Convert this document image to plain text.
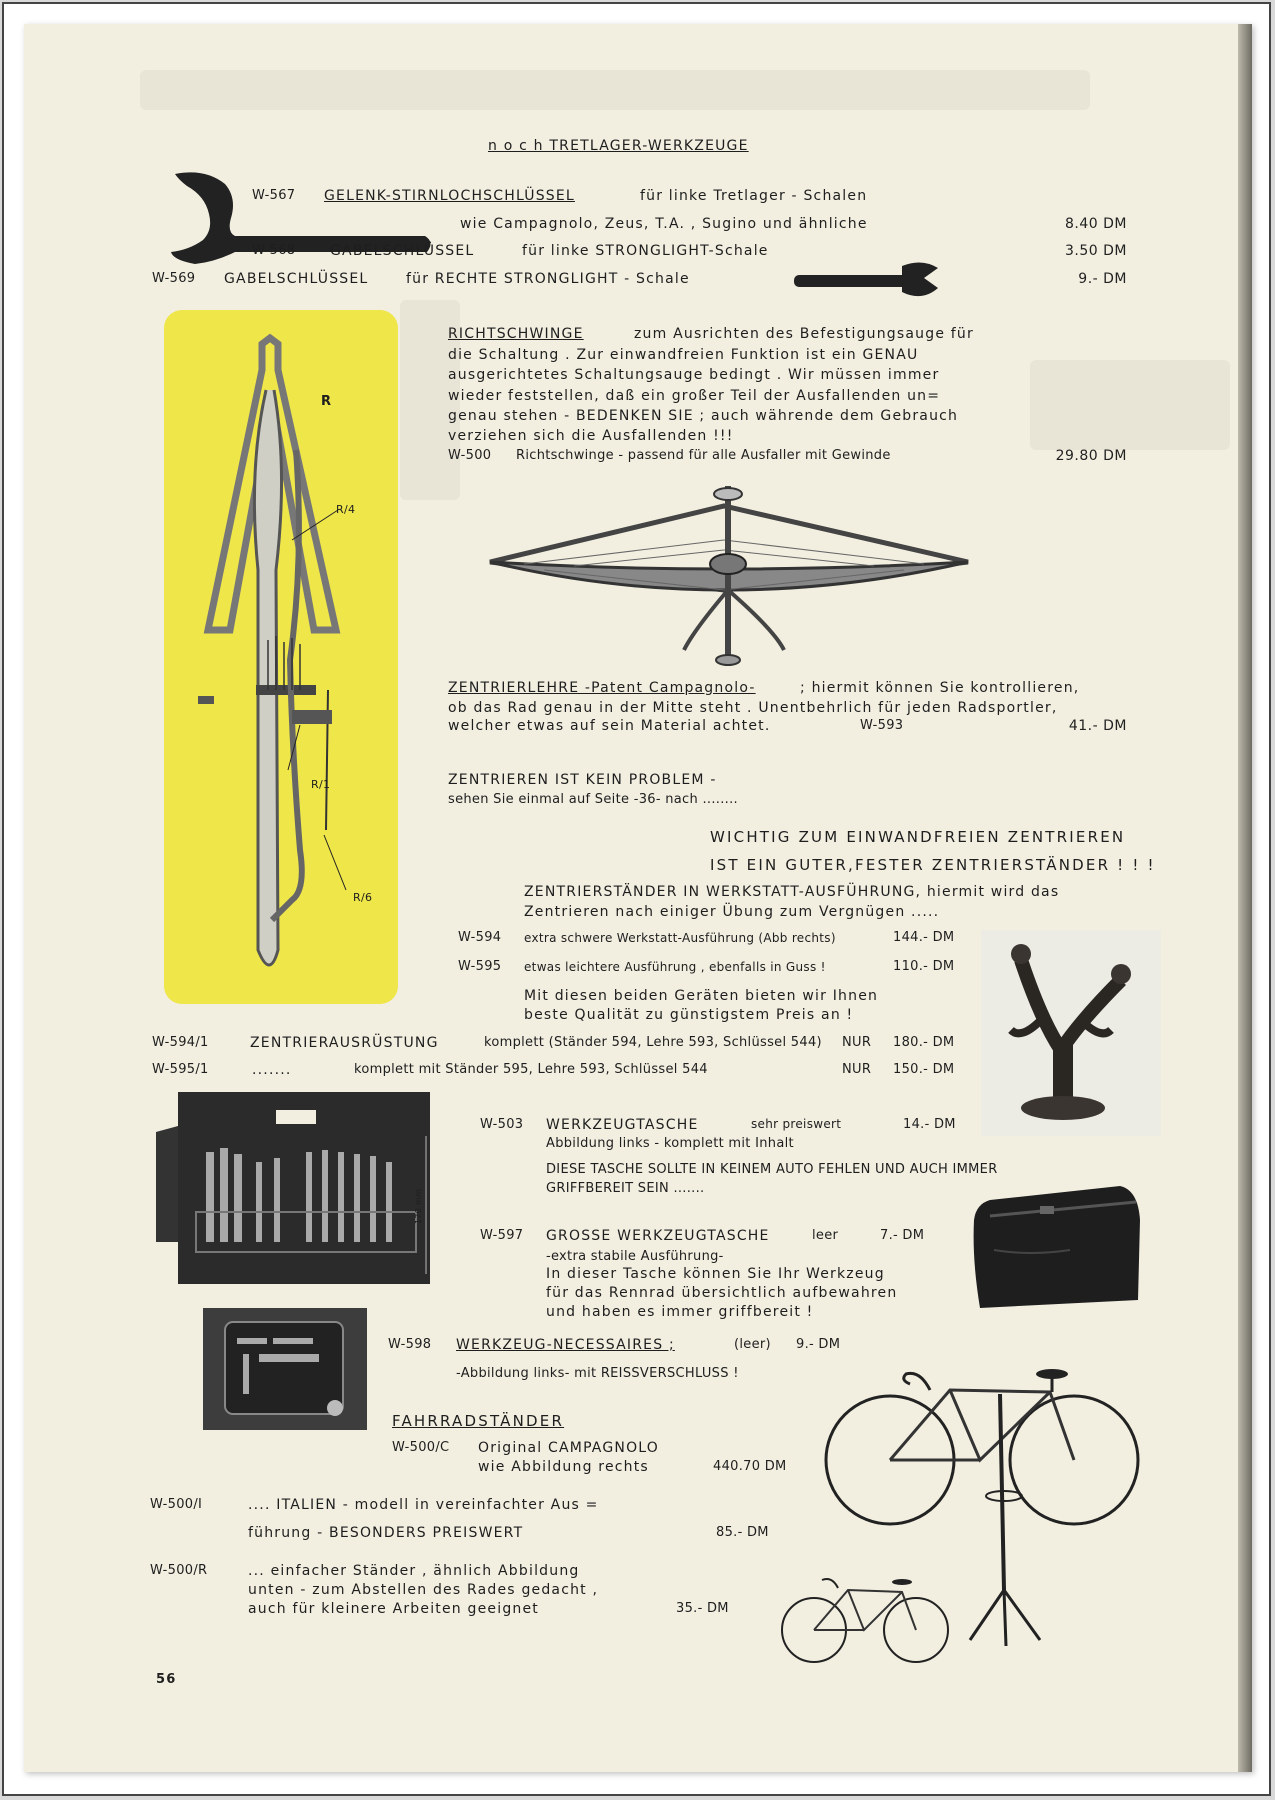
n o c h TRETLAGER-WERKZEUGE
W-567 GELENK-STIRNLOCHSCHLÜSSEL	für linke Tretlager - Schalen
wie Campagnolo, Zeus, T.A. , Sugino und ähnliche	8.40 DM
W-568 GABELSCHLÜSSEL	für linke STRONGLIGHT-Schale	3.50 DM
W-569 GABELSCHLÜSSEL	für RECHTE STRONGLIGHT - Schale	9.- DM
R
R/4
R/1
R/6
RICHTSCHWINGE	zum Ausrichten des Befestigungsauge für
die Schaltung . Zur einwandfreien Funktion ist ein GENAU
ausgerichtetes Schaltungsauge bedingt . Wir müssen immer
wieder feststellen, daß ein großer Teil der Ausfallenden un=
genau stehen - BEDENKEN SIE ; auch währende dem Gebrauch
verziehen sich die Ausfallenden !!!
W-500 Richtschwinge - passend für alle Ausfaller mit Gewinde	29.80 DM
ZENTRIERLEHRE -Patent Campagnolo-	; hiermit können Sie kontrollieren,
ob das Rad genau in der Mitte steht . Unentbehrlich für jeden Radsportler,
welcher etwas auf sein Material achtet.	W-593	41.- DM
ZENTRIEREN IST KEIN PROBLEM -
sehen Sie einmal auf Seite -36- nach ........
WICHTIG ZUM EINWANDFREIEN ZENTRIEREN
IST EIN GUTER,FESTER ZENTRIERSTÄNDER ! ! !
ZENTRIERSTÄNDER IN WERKSTATT-AUSFÜHRUNG, hiermit wird das
Zentrieren nach einiger Übung zum Vergnügen .....
W-594 extra schwere Werkstatt-Ausführung (Abb rechts)	144.- DM
W-595 etwas leichtere Ausführung , ebenfalls in Guss !	110.- DM
Mit diesen beiden Geräten bieten wir Ihnen
beste Qualität zu günstigstem Preis an !
W-594/1	ZENTRIERAUSRÜSTUNG	komplett (Ständer 594, Lehre 593, Schlüssel 544) NUR 180.- DM
W-595/1	.......	komplett mit Ständer 595, Lehre 593, Schlüssel 544	NUR 150.- DM
170 mm
W-503 WERKZEUGTASCHE	sehr preiswert	14.- DM
Abbildung links - komplett mit Inhalt
DIESE TASCHE SOLLTE IN KEINEM AUTO FEHLEN UND AUCH IMMER
GRIFFBEREIT SEIN .......
W-597 GROSSE WERKZEUGTASCHE	leer	7.- DM
-extra stabile Ausführung-
In dieser Tasche können Sie Ihr Werkzeug
für das Rennrad übersichtlich aufbewahren
und haben es immer griffbereit !
W-598 WERKZEUG-NECESSAIRES ;	(leer) 9.- DM
-Abbildung links- mit REISSVERSCHLUSS !
FAHRRADSTÄNDER
W-500/C Original CAMPAGNOLO
wie Abbildung rechts	440.70 DM
W-500/I	.... ITALIEN - modell in vereinfachter Aus =
führung - BESONDERS PREISWERT	85.- DM
W-500/R	... einfacher Ständer , ähnlich Abbildung
unten - zum Abstellen des Rades gedacht ,
auch für kleinere Arbeiten geeignet	35.- DM
56
